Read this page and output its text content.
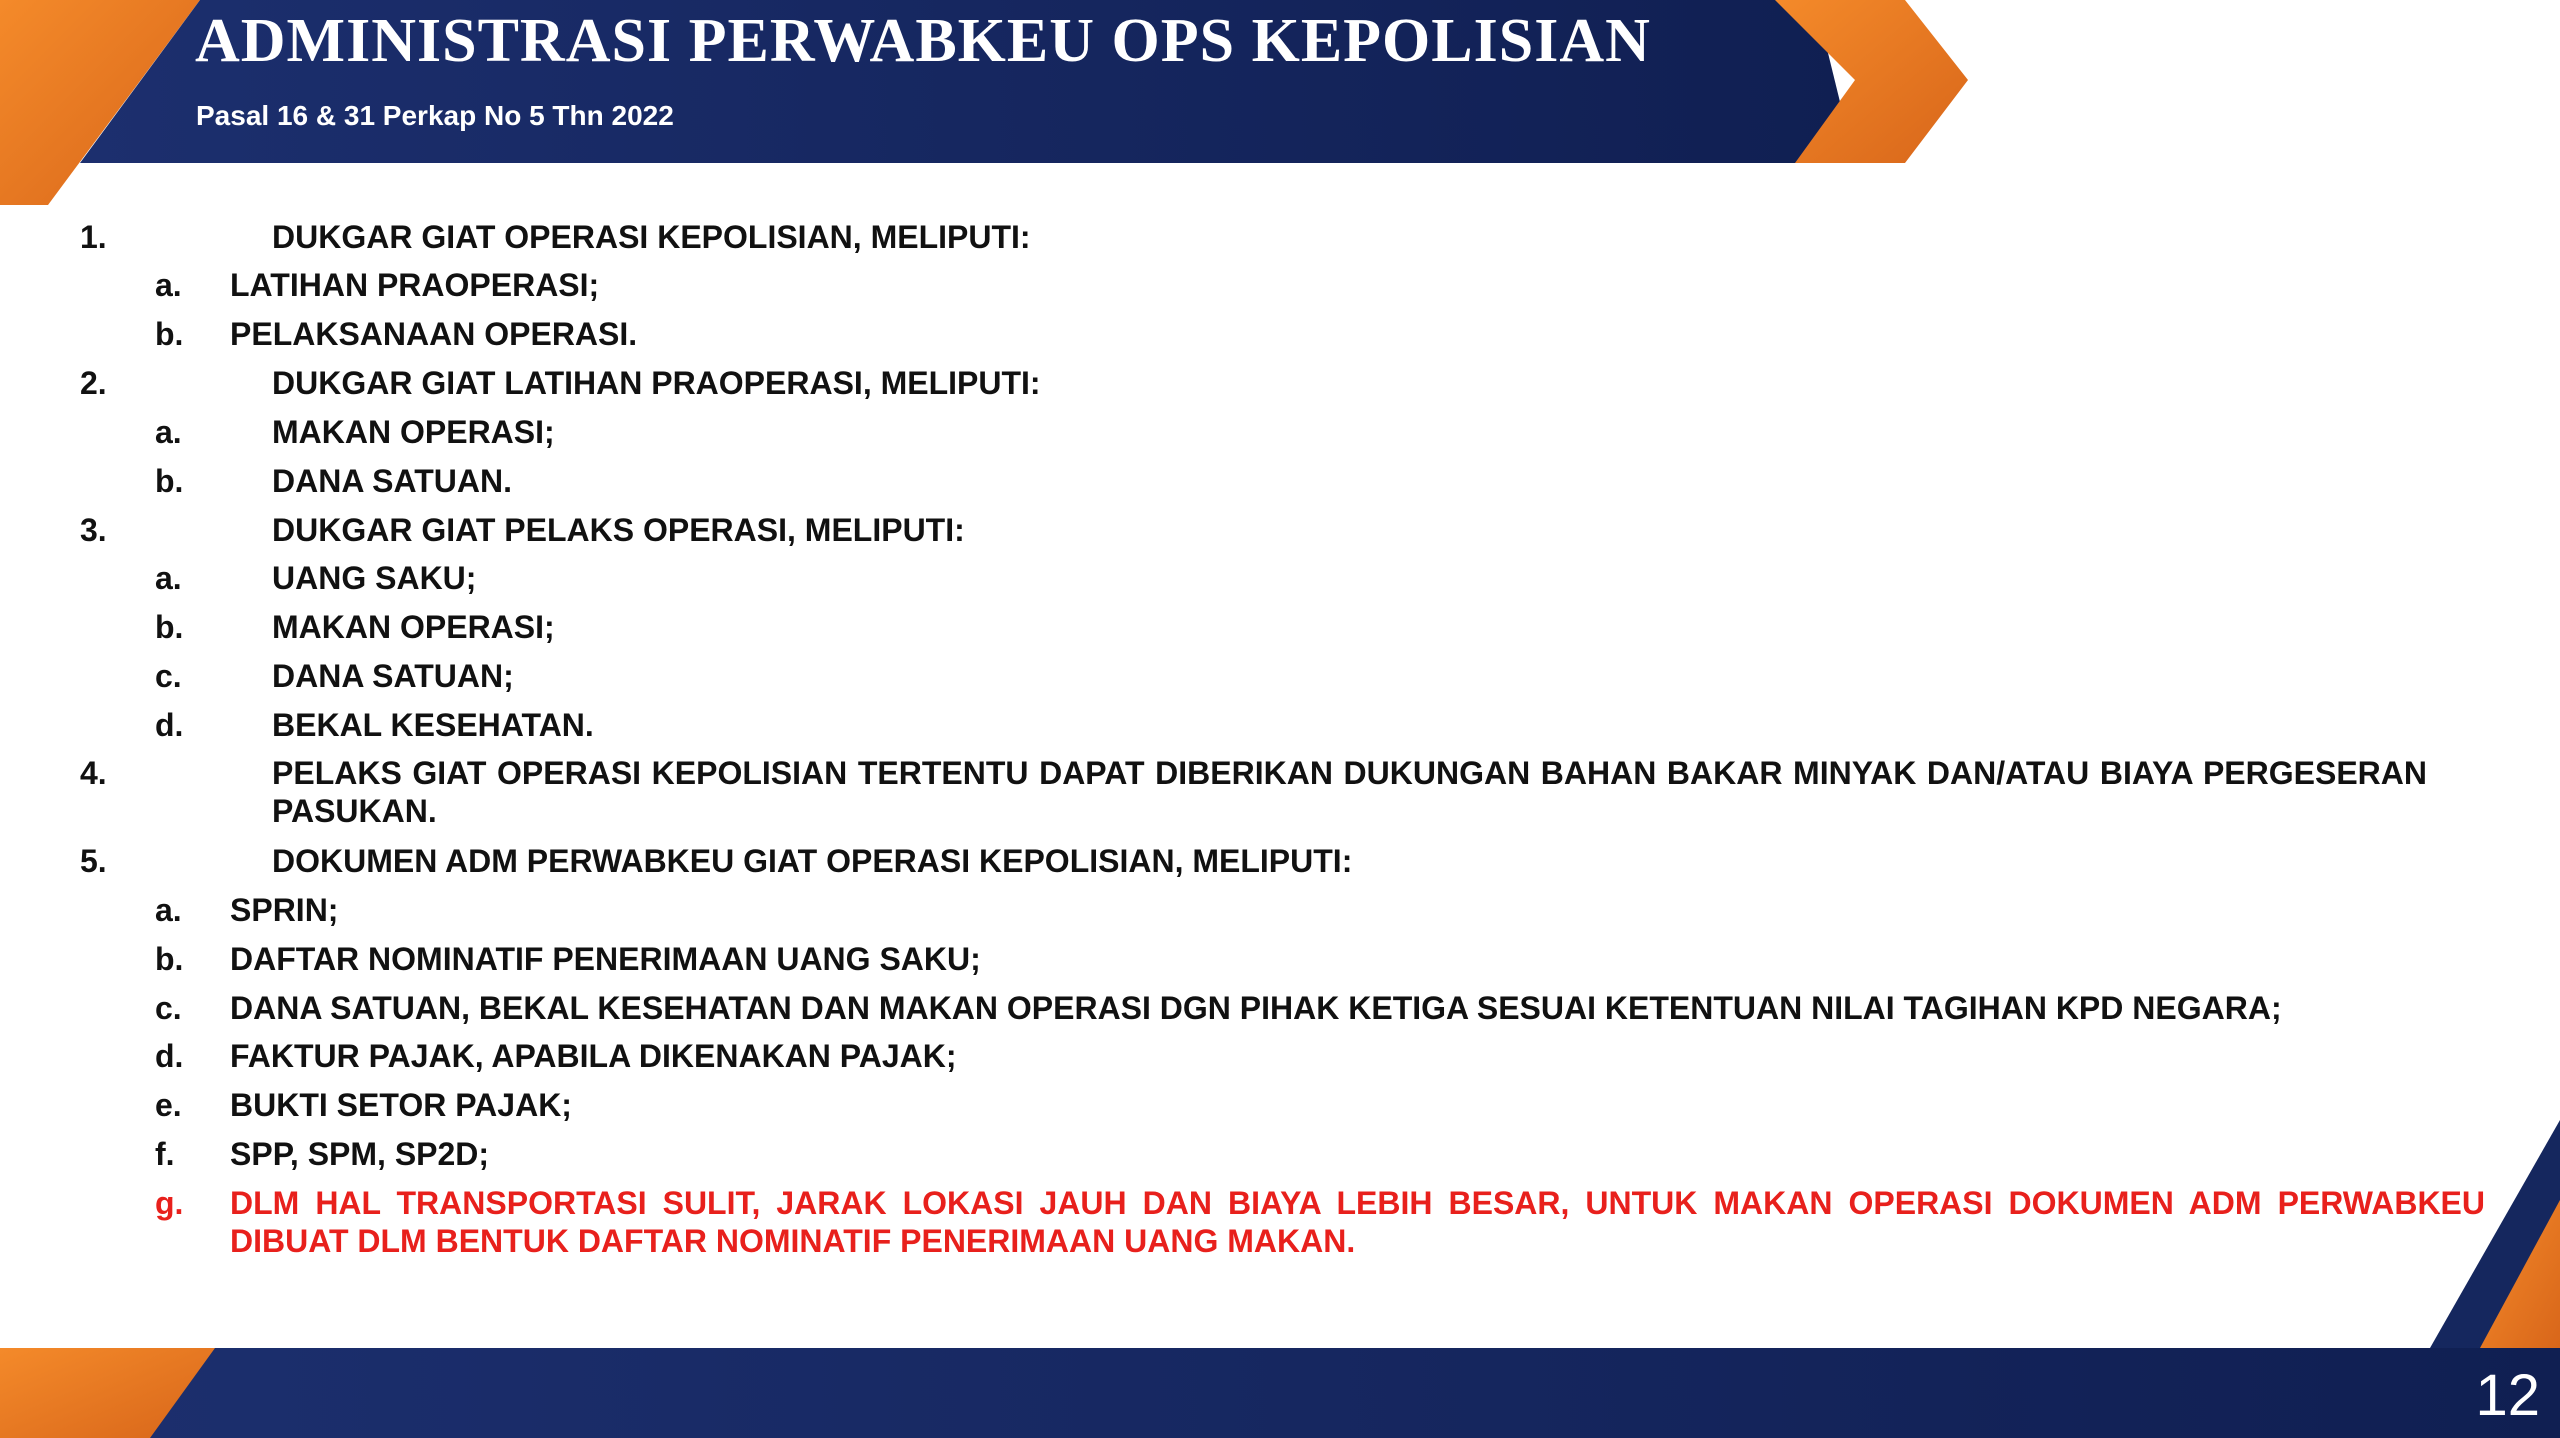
ADMINISTRASI PERWABKEU OPS KEPOLISIAN
Pasal 16 & 31 Perkap No 5 Thn 2022
1.	DUKGAR GIAT OPERASI KEPOLISIAN, MELIPUTI:
a. LATIHAN PRAOPERASI;
b. PELAKSANAAN OPERASI.
2.	DUKGAR GIAT LATIHAN PRAOPERASI, MELIPUTI:
a.	MAKAN OPERASI;
b.	DANA SATUAN.
3.	DUKGAR GIAT PELAKS OPERASI, MELIPUTI:
a.	UANG SAKU;
b.	MAKAN OPERASI;
c.	DANA SATUAN;
d.	BEKAL KESEHATAN.
4.	PELAKS GIAT OPERASI KEPOLISIAN TERTENTU DAPAT DIBERIKAN DUKUNGAN BAHAN BAKAR MINYAK DAN/ATAU BIAYA PERGESERAN PASUKAN.
5.	DOKUMEN ADM PERWABKEU GIAT OPERASI KEPOLISIAN, MELIPUTI:
a. SPRIN;
b. DAFTAR NOMINATIF PENERIMAAN UANG SAKU;
c. DANA SATUAN, BEKAL KESEHATAN DAN MAKAN OPERASI DGN PIHAK KETIGA SESUAI KETENTUAN NILAI TAGIHAN KPD NEGARA;
d. FAKTUR PAJAK, APABILA DIKENAKAN PAJAK;
e. BUKTI SETOR PAJAK;
f. SPP, SPM, SP2D;
g. DLM HAL TRANSPORTASI SULIT, JARAK LOKASI JAUH DAN BIAYA LEBIH BESAR, UNTUK MAKAN OPERASI DOKUMEN ADM PERWABKEU DIBUAT DLM BENTUK DAFTAR NOMINATIF PENERIMAAN UANG MAKAN.
12
